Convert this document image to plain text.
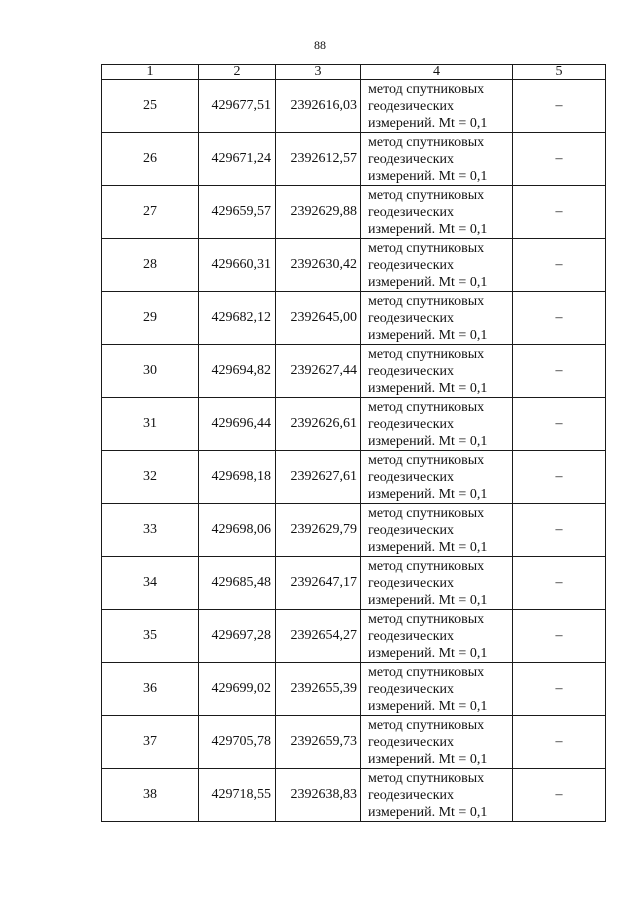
88
1	2	3	4	5
25	429677,51	2392616,03	метод спутниковых
геодезических
измерений. Mt = 0,1	–
26	429671,24	2392612,57	метод спутниковых
геодезических
измерений. Mt = 0,1	–
27	429659,57	2392629,88	метод спутниковых
геодезических
измерений. Mt = 0,1	–
28	429660,31	2392630,42	метод спутниковых
геодезических
измерений. Mt = 0,1	–
29	429682,12	2392645,00	метод спутниковых
геодезических
измерений. Mt = 0,1	–
30	429694,82	2392627,44	метод спутниковых
геодезических
измерений. Mt = 0,1	–
31	429696,44	2392626,61	метод спутниковых
геодезических
измерений. Mt = 0,1	–
32	429698,18	2392627,61	метод спутниковых
геодезических
измерений. Mt = 0,1	–
33	429698,06	2392629,79	метод спутниковых
геодезических
измерений. Mt = 0,1	–
34	429685,48	2392647,17	метод спутниковых
геодезических
измерений. Mt = 0,1	–
35	429697,28	2392654,27	метод спутниковых
геодезических
измерений. Mt = 0,1	–
36	429699,02	2392655,39	метод спутниковых
геодезических
измерений. Mt = 0,1	–
37	429705,78	2392659,73	метод спутниковых
геодезических
измерений. Mt = 0,1	–
38	429718,55	2392638,83	метод спутниковых
геодезических
измерений. Mt = 0,1	–
